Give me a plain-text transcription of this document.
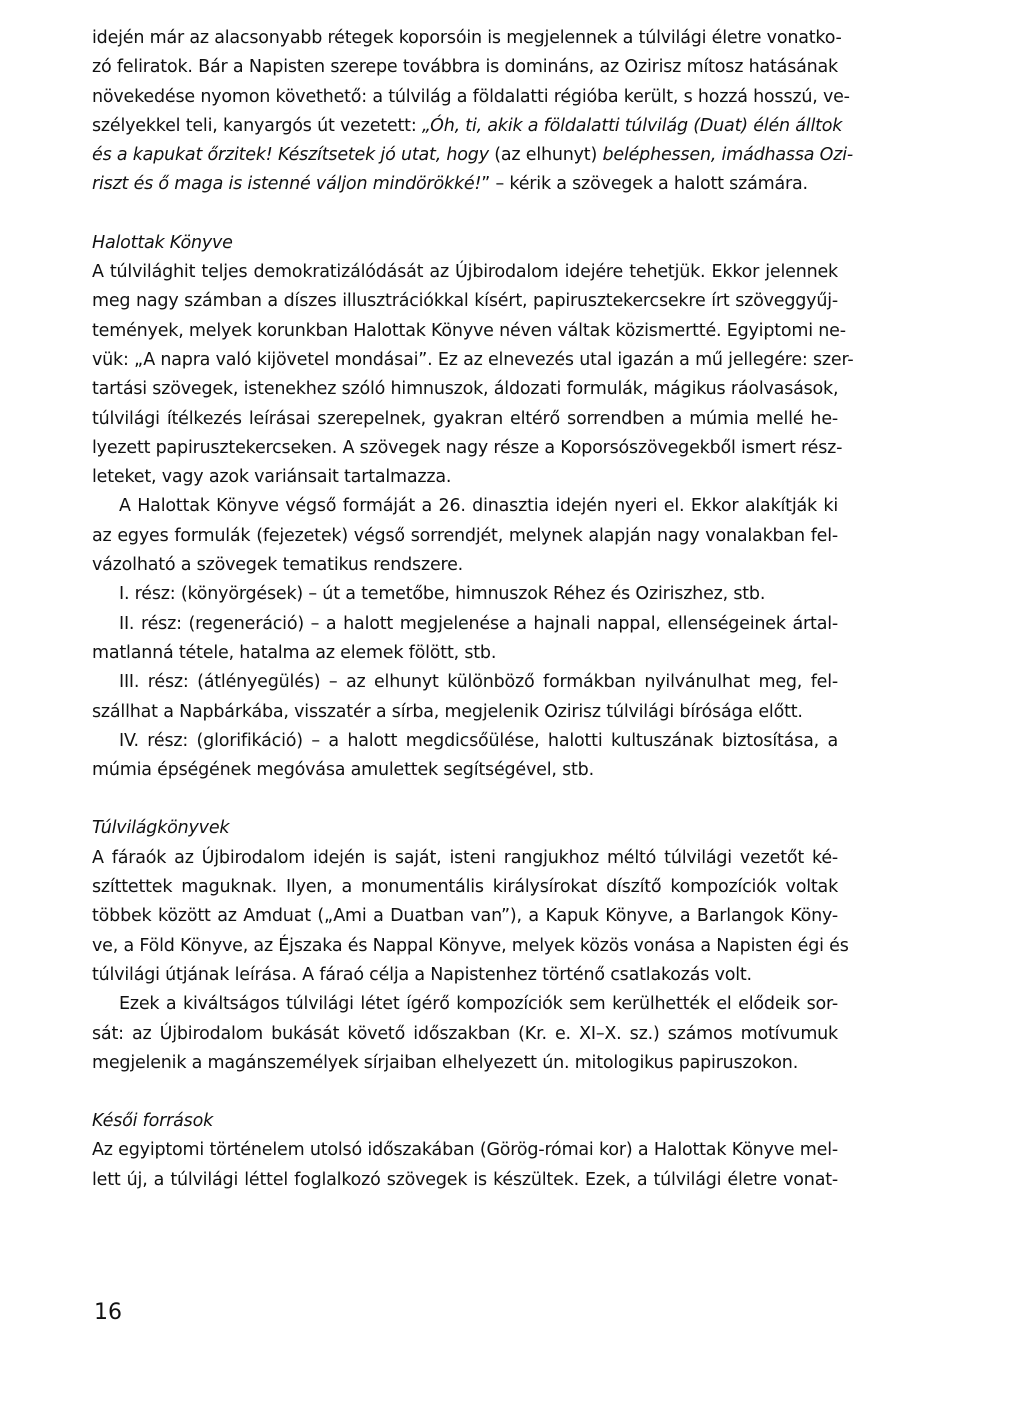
idején már az alacsonyabb rétegek koporsóin is megjelennek a túlvilági életre vonatko-
zó feliratok. Bár a Napisten szerepe továbbra is domináns, az Ozirisz mítosz hatásának
növekedése nyomon követhető: a túlvilág a földalatti régióba került, s hozzá hosszú, ve-
szélyekkel teli, kanyargós út vezetett: „Óh, ti, akik a földalatti túlvilág (Duat) élén álltok
és a kapukat őrzitek! Készítsetek jó utat, hogy (az elhunyt) beléphessen, imádhassa Ozi-
riszt és ő maga is istenné váljon mindörökké!” – kérik a szövegek a halott számára.
Halottak Könyve
A túlvilághit teljes demokratizálódását az Újbirodalom idejére tehetjük. Ekkor jelennek
meg nagy számban a díszes illusztrációkkal kísért, papirusztekercsekre írt szöveggyűj-
temények, melyek korunkban Halottak Könyve néven váltak közismertté. Egyiptomi ne-
vük: „A napra való kijövetel mondásai”. Ez az elnevezés utal igazán a mű jellegére: szer-
tartási szövegek, istenekhez szóló himnuszok, áldozati formulák, mágikus ráolvasások,
túlvilági ítélkezés leírásai szerepelnek, gyakran eltérő sorrendben a múmia mellé he-
lyezett papirusztekercseken. A szövegek nagy része a Koporsószövegekből ismert rész-
leteket, vagy azok variánsait tartalmazza.
A Halottak Könyve végső formáját a 26. dinasztia idején nyeri el. Ekkor alakítják ki
az egyes formulák (fejezetek) végső sorrendjét, melynek alapján nagy vonalakban fel-
vázolható a szövegek tematikus rendszere.
I. rész: (könyörgések) – út a temetőbe, himnuszok Réhez és Oziriszhez, stb.
II. rész: (regeneráció) – a halott megjelenése a hajnali nappal, ellenségeinek ártal-
matlanná tétele, hatalma az elemek fölött, stb.
III. rész: (átlényegülés) – az elhunyt különböző formákban nyilvánulhat meg, fel-
szállhat a Napbárkába, visszatér a sírba, megjelenik Ozirisz túlvilági bírósága előtt.
IV. rész: (glorifikáció) – a halott megdicsőülése, halotti kultuszának biztosítása, a
múmia épségének megóvása amulettek segítségével, stb.
Túlvilágkönyvek
A fáraók az Újbirodalom idején is saját, isteni rangjukhoz méltó túlvilági vezetőt ké-
szíttettek maguknak. Ilyen, a monumentális királysírokat díszítő kompozíciók voltak
többek között az Amduat („Ami a Duatban van”), a Kapuk Könyve, a Barlangok Köny-
ve, a Föld Könyve, az Éjszaka és Nappal Könyve, melyek közös vonása a Napisten égi és
túlvilági útjának leírása. A fáraó célja a Napistenhez történő csatlakozás volt.
Ezek a kiváltságos túlvilági létet ígérő kompozíciók sem kerülhették el elődeik sor-
sát: az Újbirodalom bukását követő időszakban (Kr. e. XI–X. sz.) számos motívumuk
megjelenik a magánszemélyek sírjaiban elhelyezett ún. mitologikus papiruszokon.
Késői források
Az egyiptomi történelem utolsó időszakában (Görög-római kor) a Halottak Könyve mel-
lett új, a túlvilági léttel foglalkozó szövegek is készültek. Ezek, a túlvilági életre vonat-
16
